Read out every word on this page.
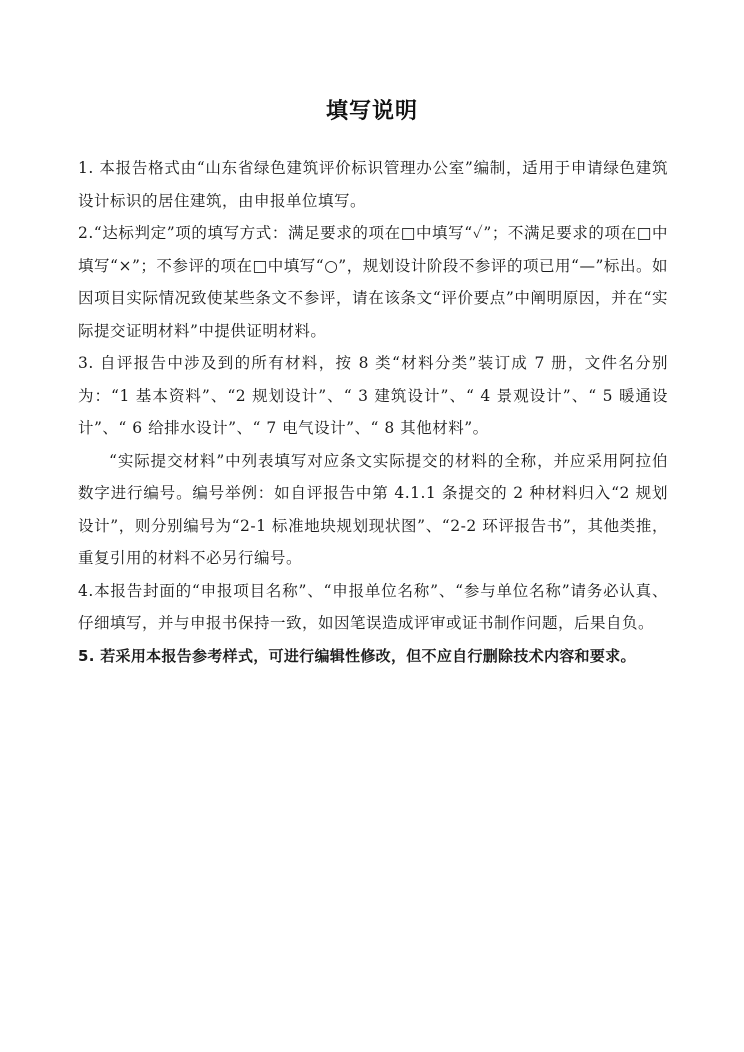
填写说明

1. 本报告格式由“山东省绿色建筑评价标识管理办公室”编制，适用于申请绿色建筑设计标识的居住建筑，由申报单位填写。

2.“达标判定”项的填写方式：满足要求的项在□中填写“✓”；不满足要求的项在□中填写“×”；不参评的项在□中填写“○”，规划设计阶段不参评的项已用“—”标出。如因项目实际情况致使某些条文不参评，请在该条文“评价要点”中阐明原因，并在“实际提交证明材料”中提供证明材料。

3. 自评报告中涉及到的所有材料，按 8 类“材料分类”装订成 7 册，文件名分别为：“1 基本资料”、“2 规划设计”、“ 3 建筑设计”、“ 4 景观设计”、“ 5 暖通设计”、“ 6 给排水设计”、“ 7 电气设计”、“ 8 其他材料”。

“实际提交材料”中列表填写对应条文实际提交的材料的全称，并应采用阿拉伯数字进行编号。编号举例：如自评报告中第 4.1.1 条提交的 2 种材料归入“2 规划设计”，则分别编号为“2-1 标准地块规划现状图”、“2-2 环评报告书”，其他类推，重复引用的材料不必另行编号。

4.本报告封面的“申报项目名称”、“申报单位名称”、“参与单位名称”请务必认真、仔细填写，并与申报书保持一致，如因笔误造成评审或证书制作问题，后果自负。

5. 若采用本报告参考样式，可进行编辑性修改，但不应自行删除技术内容和要求。
